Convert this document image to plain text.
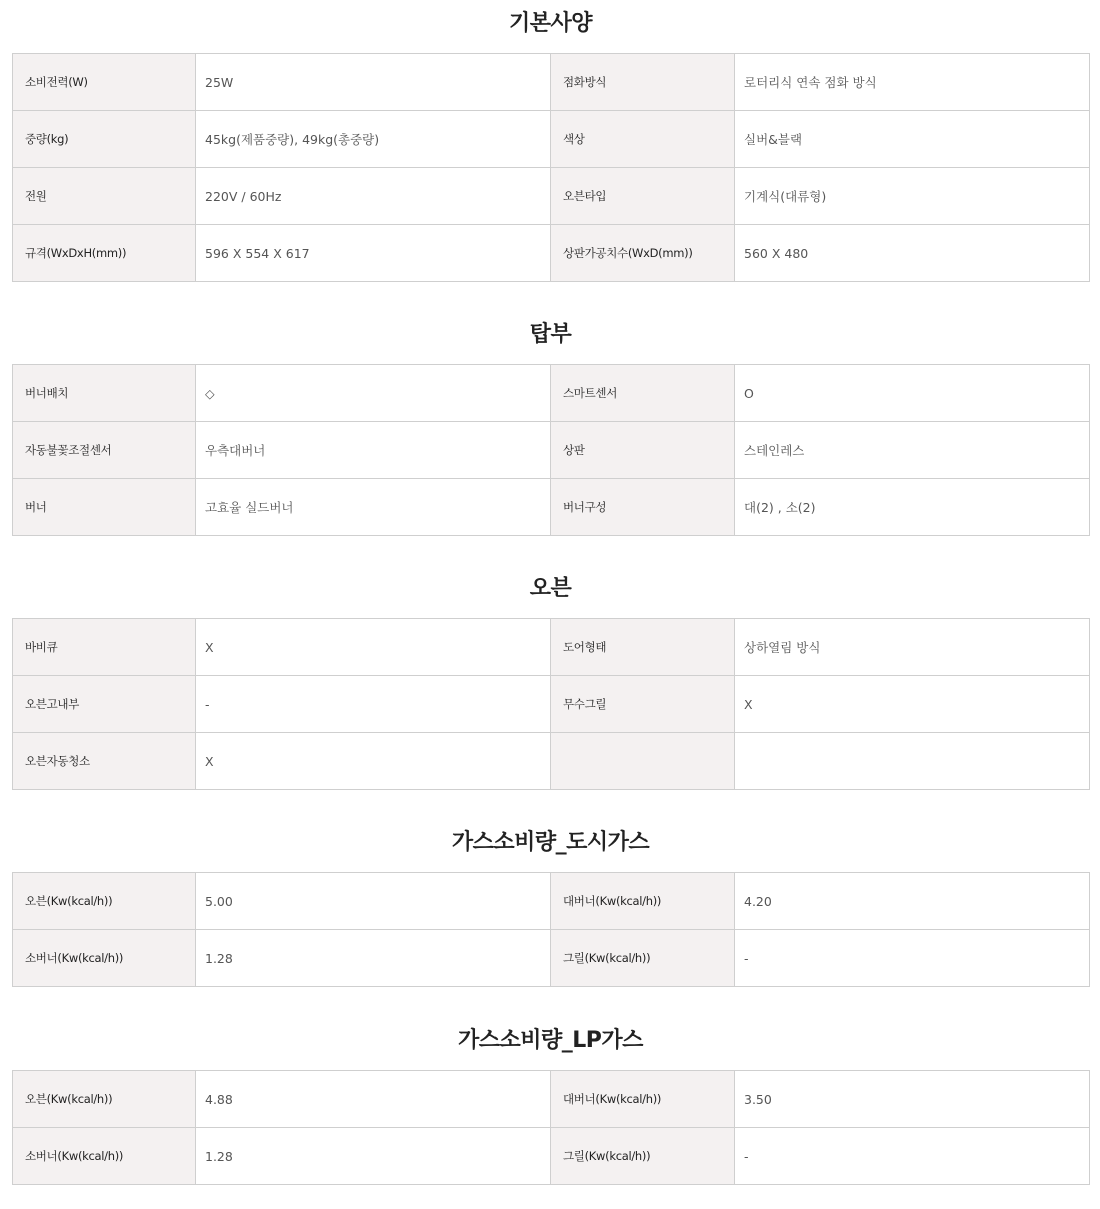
기본사양
소비전력(W)	25W	점화방식	로터리식 연속 점화 방식
중량(kg)	45kg(제품중량), 49kg(총중량)	색상	실버&블랙
전원	220V / 60Hz	오븐타입	기계식(대류형)
규격(WxDxH(mm))	596 X 554 X 617	상판가공치수(WxD(mm))	560 X 480
탑부
버너배치	◇	스마트센서	O
자동불꽃조절센서	우측대버너	상판	스테인레스
버너	고효율 실드버너	버너구성	대(2) , 소(2)
오븐
바비큐	X	도어형태	상하열림 방식
오븐고내부	-	무수그릴	X
오븐자동청소	X		
가스소비량_도시가스
오븐(Kw(kcal/h))	5.00	대버너(Kw(kcal/h))	4.20
소버너(Kw(kcal/h))	1.28	그릴(Kw(kcal/h))	-
가스소비량_LP가스
오븐(Kw(kcal/h))	4.88	대버너(Kw(kcal/h))	3.50
소버너(Kw(kcal/h))	1.28	그릴(Kw(kcal/h))	-
